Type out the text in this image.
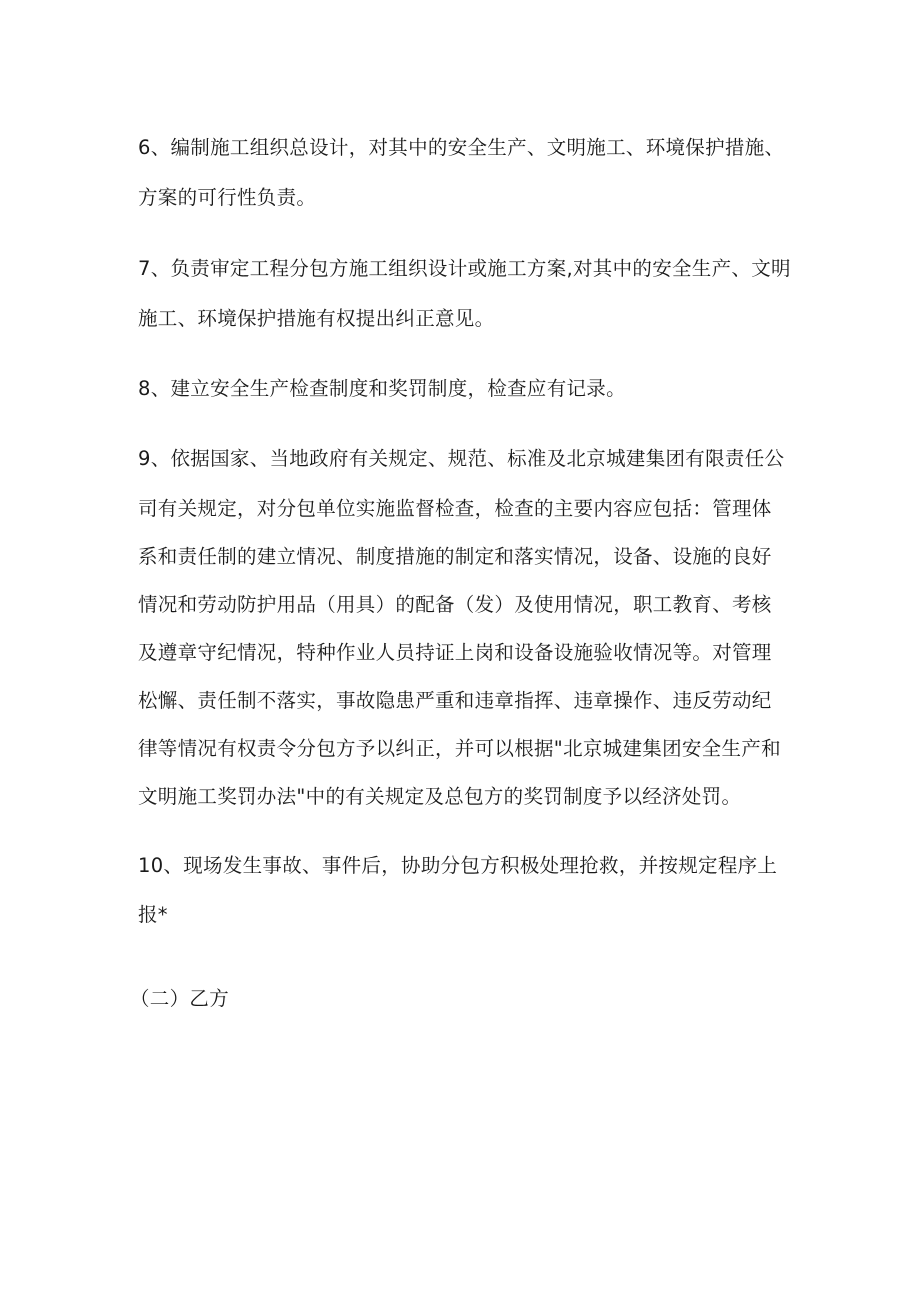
6、编制施工组织总设计，对其中的安全生产、文明施工、环境保护措施、
方案的可行性负责。
7、负责审定工程分包方施工组织设计或施工方案,对其中的安全生产、文明
施工、环境保护措施有权提出纠正意见。
8、建立安全生产检查制度和奖罚制度，检查应有记录。
9、依据国家、当地政府有关规定、规范、标准及北京城建集团有限责任公
司有关规定，对分包单位实施监督检查，检查的主要内容应包括：管理体
系和责任制的建立情况、制度措施的制定和落实情况，设备、设施的良好
情况和劳动防护用品（用具）的配备（发）及使用情况，职工教育、考核
及遵章守纪情况，特种作业人员持证上岗和设备设施验收情况等。对管理
松懈、责任制不落实，事故隐患严重和违章指挥、违章操作、违反劳动纪
律等情况有权责令分包方予以纠正，并可以根据"北京城建集团安全生产和
文明施工奖罚办法"中的有关规定及总包方的奖罚制度予以经济处罚。
10、现场发生事故、事件后，协助分包方积极处理抢救，并按规定程序上
报*
（二）乙方
